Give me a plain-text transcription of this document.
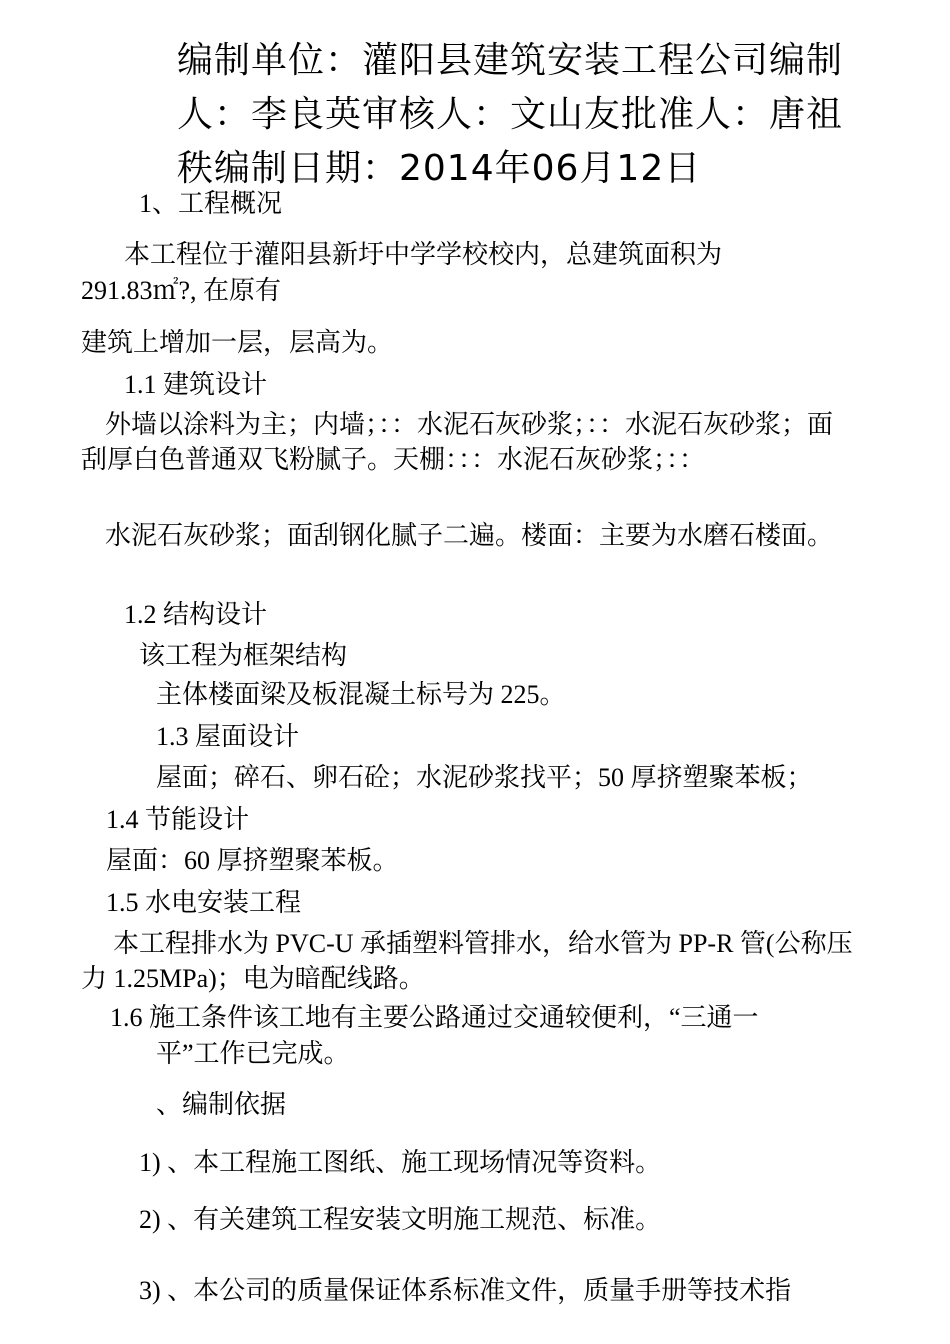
编制单位：灌阳县建筑安装工程公司编制人：李良英审核人：文山友批准人：唐祖秩编制日期：2014年06月12日
1、工程概况
本工程位于灌阳县新圩中学学校校内，总建筑面积为
291.83㎡?, 在原有
建筑上增加一层，层高为。
1.1 建筑设计
外墙以涂料为主；内墙；：：水泥石灰砂浆；：：水泥石灰砂浆；面刮厚白色普通双飞粉腻子。天棚：：：水泥石灰砂浆；：：
水泥石灰砂浆；面刮钢化腻子二遍。楼面：主要为水磨石楼面。
1.2 结构设计
该工程为框架结构
主体楼面梁及板混凝土标号为 225。
1.3 屋面设计
屋面；碎石、卵石砼；水泥砂浆找平；50 厚挤塑聚苯板；
1.4 节能设计
屋面：60 厚挤塑聚苯板。
1.5 水电安装工程
本工程排水为 PVC-U 承插塑料管排水，给水管为 PP-R 管(公称压力 1.25MPa)；电为暗配线路。
1.6 施工条件该工地有主要公路通过交通较便利，“三通一
平”工作已完成。
、编制依据
1) 、本工程施工图纸、施工现场情况等资料。
2) 、有关建筑工程安装文明施工规范、标准。
3) 、本公司的质量保证体系标准文件，质量手册等技术指
